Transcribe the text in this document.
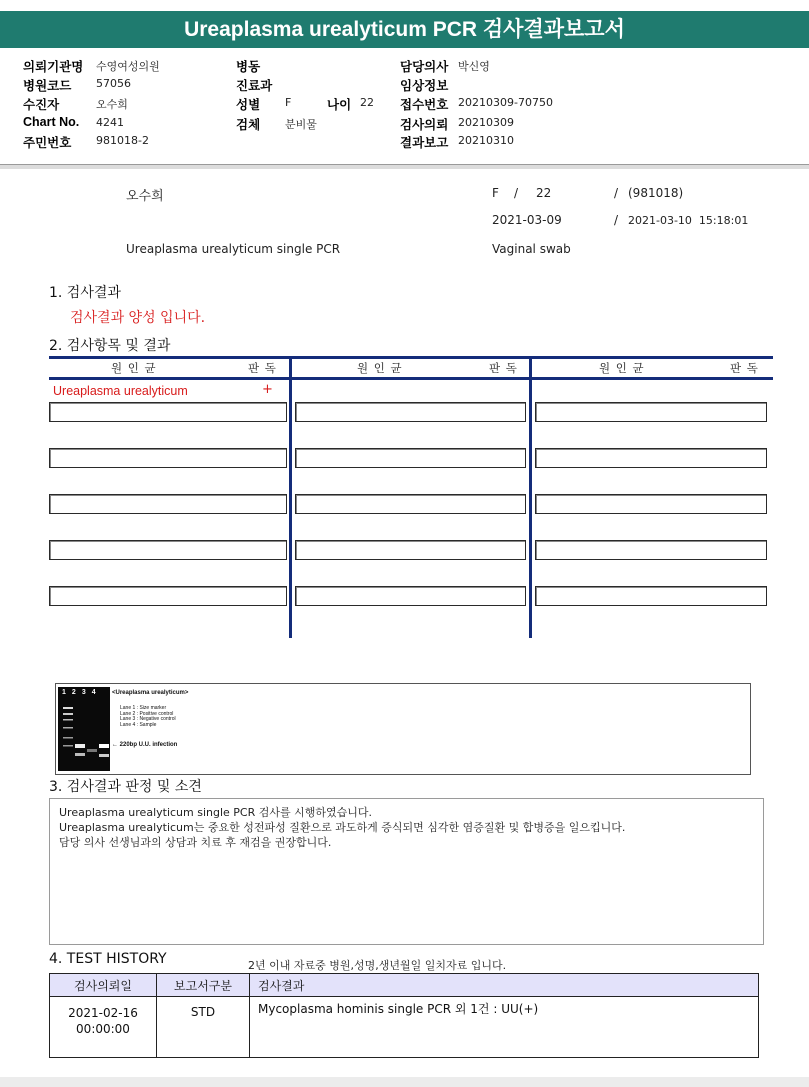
Ureaplasma urealyticum PCR 검사결과보고서
의뢰기관명 수영여성의원
병원코드 57056
수진자	오수희
Chart No. 4241
주민번호 981018-2
병동
진료과
성별 F	나이 22
검체 분비물
담당의사 박신영
임상정보
접수번호 20210309-70750
검사의뢰 20210309
결과보고 20210310
오수희	F / 22	/ (981018)
2021-03-09	/ 2021-03-10  15:18:01
Ureaplasma urealyticum single PCR	Vaginal swab
1. 검사결과
검사결과 양성 입니다.
2. 검사항목 및 결과
원 인 균	판 독	원 인 균	판 독	원 인 균	판 독
Ureaplasma urealyticum	+
1234 <Ureaplasma urealyticum>
Lane 1 : Size marker
Lane 2 : Positive control
Lane 3 : Negative control
Lane 4 : Sample
← 220bp U.U. infection
3. 검사결과 판정 및 소견
Ureaplasma urealyticum single PCR 검사를 시행하였습니다.
Ureaplasma urealyticum는 중요한 성전파성 질환으로 과도하게 증식되면 심각한 염증질환 및 합병증을 일으킵니다.
담당 의사 선생님과의 상담과 치료 후 재검을 권장합니다.
4. TEST HISTORY	2년 이내 자료중 병원,성명,생년월일 일치자료 입니다.
검사의뢰일	보고서구분	검사결과

2021-02-16
00:00:00	STD	Mycoplasma hominis single PCR 외 1건 : UU(+)
